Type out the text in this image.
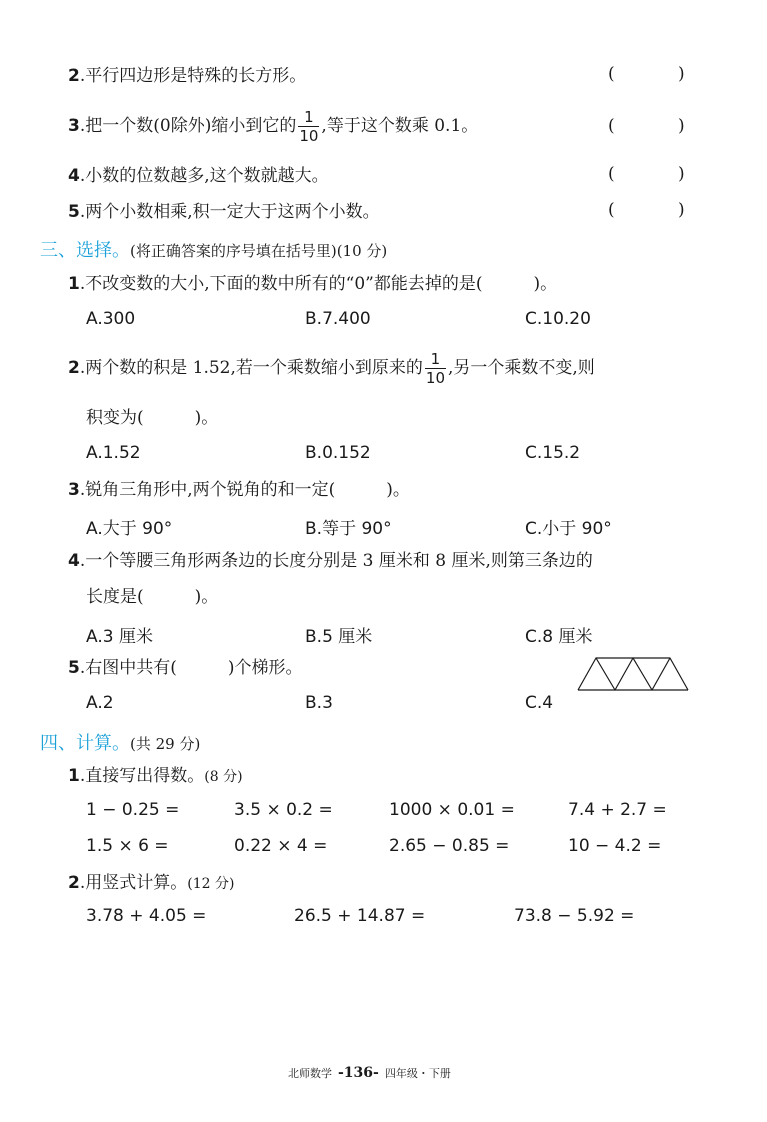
2.平行四边形是特殊的长方形。	(	)
3.把一个数(0除外)缩小到它的 $\frac{1}{10}$ ,等于这个数乘 0.1。	(	)
4.小数的位数越多,这个数就越大。	(	)
5.两个小数相乘,积一定大于这两个小数。	(	)
三、选择。(将正确答案的序号填在括号里)(10 分)
1.不改变数的大小,下面的数中所有的“0”都能去掉的是(　　　)。
A.300	B.7.400	C.10.20
2.两个数的积是 1.52,若一个乘数缩小到原来的 $\frac{1}{10}$ ,另一个乘数不变,则
积变为(　　　)。
A.1.52	B.0.152	C.15.2
3.锐角三角形中,两个锐角的和一定(　　　)。
A.大于 90°	B.等于 90°	C.小于 90°
4.一个等腰三角形两条边的长度分别是 3 厘米和 8 厘米,则第三条边的
长度是(　　　)。
A.3 厘米	B.5 厘米	C.8 厘米
5.右图中共有(　　　)个梯形。
A.2	B.3	C.4
四、计算。(共 29 分)
1.直接写出得数。(8 分)
1 − 0.25 =	3.5 × 0.2 =	1000 × 0.01 =	7.4 + 2.7 =
1.5 × 6 =	0.22 × 4 =	2.65 − 0.85 =	10 − 4.2 =
2.用竖式计算。(12 分)
3.78 + 4.05 =	26.5 + 14.87 =	73.8 − 5.92 =
北师数学 -136- 四年级・下册
